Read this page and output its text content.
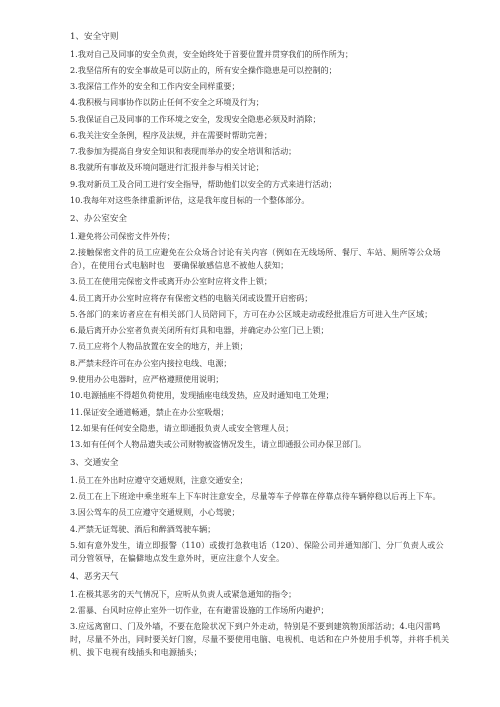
1、安全守则
1.我对自己及同事的安全负责，安全始终处于首要位置并贯穿我们的所作所为；
2.我坚信所有的安全事故是可以防止的，所有安全操作隐患是可以控制的；
3.我深信工作外的安全和工作内安全同样重要；
4.我积极与同事协作以防止任何不安全之环境及行为；
5.我保证自己及同事的工作环境之安全，发现安全隐患必须及时消除；
6.我关注安全条例，程序及法规，并在需要时帮助完善；
7.我参加为提高自身安全知识和表现而举办的安全培训和活动；
8.我就所有事故及环境问题进行汇报并参与相关讨论；
9.我对新员工及合同工进行安全指导，帮助他们以安全的方式来进行活动；
10.我每年对这些条律重新评估，这是我年度目标的一个整体部分。
2、办公室安全
1.避免将公司保密文件外传；
2.接触保密文件的员工应避免在公众场合讨论有关内容（例如在无线场所、餐厅、车站、厕所等公众场合），在使用台式电脑时也　要确保敏感信息不被他人获知；
3.员工在使用完保密文件或离开办公室时应将文件上锁；
4.员工离开办公室时应将存有保密文档的电脑关闭或设置开启密码；
5.各部门的来访者应在有相关部门人员陪同下，方可在办公区域走动或经批准后方可进入生产区域；
6.最后离开办公室者负责关闭所有灯具和电器，并确定办公室门已上锁；
7.员工应将个人物品放置在安全的地方，并上锁；
8.严禁未经许可在办公室内接拉电线、电源；
9.使用办公电器时，应严格遵照使用说明；
10.电源插座不得超负荷使用，发现插座电线发热，应及时通知电工处理；
11.保证安全通道畅通，禁止在办公室吸烟；
12.如果有任何安全隐患，请立即通报负责人或安全管理人员；
13.如有任何个人物品遗失或公司财物被盗情况发生，请立即通报公司办保卫部门。
3、交通安全
1.员工在外出时应遵守交通规则，注意交通安全；
2.员工在上下班途中乘坐班车上下车时注意安全，尽量等车子停靠在停靠点待车辆停稳以后再上下车。
3.因公驾车的员工应遵守交通规则，小心驾驶；
4.严禁无证驾驶、酒后和醉酒驾驶车辆；
5.如有意外发生，请立即报警（110）或拨打急救电话（120）、保险公司并通知部门、分厂负责人或公司分管领导，在偏僻地点发生意外时，更应注意个人安全。
4、恶劣天气
1.在极其恶劣的天气情况下，应听从负责人或紧急通知的指令；
2.雷暴、台风时应停止室外一切作业，在有避雷设施的工作场所内避护；
3.应远离窗口、门及外墙，不要在危险状况下到户外走动，特别是不要到建筑物顶部活动；4.电闪雷鸣时，尽量不外出，同时要关好门窗，尽量不要使用电脑、电视机、电话和在户外使用手机等，并将手机关机、拔下电视有线插头和电源插头；
